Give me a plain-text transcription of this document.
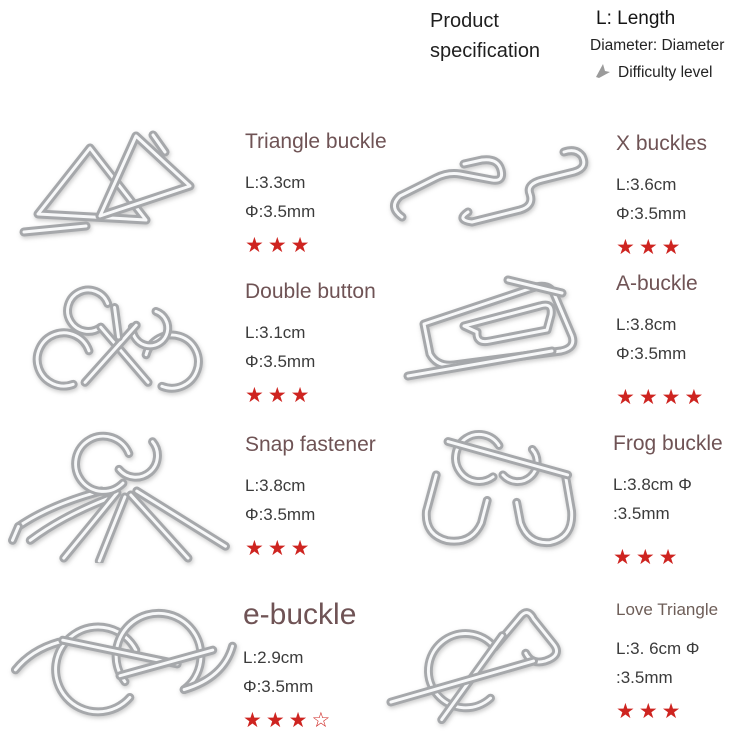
Product specification
L: Length
Diameter: Diameter
Difficulty level
Triangle buckle
L:3.3cm
Φ:3.5mm
★★★
X buckles
L:3.6cm
Φ:3.5mm
★★★
Double button
L:3.1cm
Φ:3.5mm
★★★
A-buckle
L:3.8cm
Φ:3.5mm
★★★★
Snap fastener
L:3.8cm
Φ:3.5mm
★★★
Frog buckle
L:3.8cm Φ
:3.5mm
★★★
e-buckle
L:2.9cm
Φ:3.5mm
★★★☆
Love Triangle
L:3. 6cm Φ
:3.5mm
★★★
